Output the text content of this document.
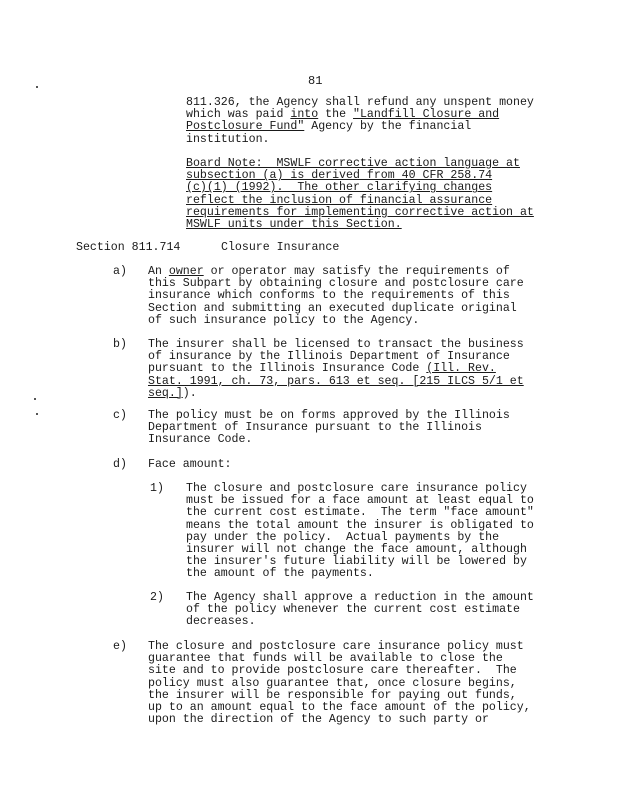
81
811.326, the Agency shall refund any unspent money
which was paid into the "Landfill Closure and
Postclosure Fund" Agency by the financial
institution.
Board Note:  MSWLF corrective action language at
subsection (a) is derived from 40 CFR 258.74
(c)(1) (1992).  The other clarifying changes
reflect the inclusion of financial assurance
requirements for implementing corrective action at
MSWLF units under this Section.
Section 811.714	Closure Insurance
a) An owner or operator may satisfy the requirements of
this Subpart by obtaining closure and postclosure care
insurance which conforms to the requirements of this
Section and submitting an executed duplicate original
of such insurance policy to the Agency.
b) The insurer shall be licensed to transact the business
of insurance by the Illinois Department of Insurance
pursuant to the Illinois Insurance Code (Ill. Rev.
Stat. 1991, ch. 73, pars. 613 et seq. [215 ILCS 5/1 et
seq.]).
c) The policy must be on forms approved by the Illinois
Department of Insurance pursuant to the Illinois
Insurance Code.
d) Face amount:
1) The closure and postclosure care insurance policy
must be issued for a face amount at least equal to
the current cost estimate.  The term "face amount"
means the total amount the insurer is obligated to
pay under the policy.  Actual payments by the
insurer will not change the face amount, although
the insurer's future liability will be lowered by
the amount of the payments.
2) The Agency shall approve a reduction in the amount
of the policy whenever the current cost estimate
decreases.
e) The closure and postclosure care insurance policy must
guarantee that funds will be available to close the
site and to provide postclosure care thereafter.  The
policy must also guarantee that, once closure begins,
the insurer will be responsible for paying out funds,
up to an amount equal to the face amount of the policy,
upon the direction of the Agency to such party or
